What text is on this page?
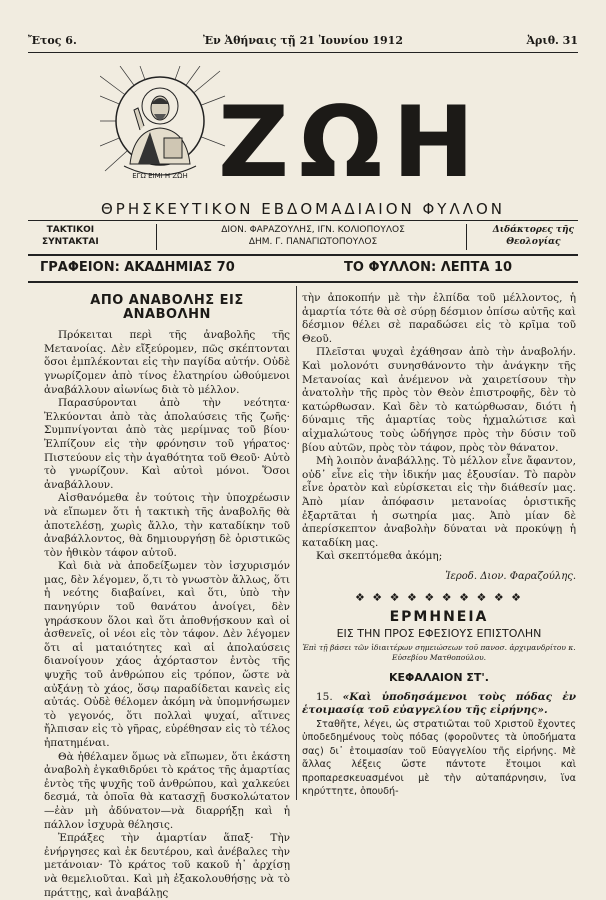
Ἔτος 6.	Ἐν Ἀθήναις τῇ 21 Ἰουνίου 1912	Ἀριθ. 31
ΕΓΩ ΕΙΜΙ Η ΖΩΗ ΖΩΗ
ΘΡΗΣΚΕΥΤΙΚΟΝ ΕΒΔΟΜΑΔΙΑΙΟΝ ΦΥΛΛΟΝ
ΤΑΚΤΙΚΟΙ
ΣΥΝΤΑΚΤΑΙ
ΔΙΟΝ. ΦΑΡΑΖΟΥΛΗΣ, ΙΓΝ. ΚΟΛΙΟΠΟΥΛΟΣ
ΔΗΜ. Γ. ΠΑΝΑΓΙΩΤΟΠΟΥΛΟΣ
Διδάκτορες τῆς
Θεολογίας
ΓΡΑΦΕΙΟΝ: ΑΚΑΔΗΜΙΑΣ 70	ΤΟ ΦΥΛΛΟΝ: ΛΕΠΤΑ 10
ΑΠΟ ΑΝΑΒΟΛΗΣ ΕΙΣ ΑΝΑΒΟΛΗΝ

Πρόκειται περὶ τῆς ἀναβολῆς τῆς Μετανοίας. Δὲν εἴξεύρομεν, πῶς σκέπτονται ὅσοι ἐμπλέκονται εἰς τὴν παγίδα αὐτήν. Οὐδὲ γνωρίζομεν ἀπὸ τίνος ἐλατηρίου ὠθούμενοι ἀναβάλλουν αἰωνίως διὰ τὸ μέλλον.

Παρασύρονται ἀπὸ τὴν νεότητα· Ἐλκύονται ἀπὸ τὰς ἀπολαύσεις τῆς ζωῆς· Συμπνίγονται ἀπὸ τὰς μερίμνας τοῦ βίου· Ἐλπίζουν εἰς τὴν φρόνησιν τοῦ γήρατος· Πιστεύουν εἰς τὴν ἀγαθότητα τοῦ Θεοῦ· Αὐτὸ τὸ γνωρίζουν. Καὶ αὐτοὶ μόνοι. Ὅσοι ἀναβάλλουν.

Αἰσθανόμεθα ἐν τούτοις τὴν ὑποχρέωσιν νὰ εἴπωμεν ὅτι ἡ τακτικὴ τῆς ἀναβολῆς θὰ ἀποτελέσῃ, χωρὶς ἄλλο, τὴν καταδίκην τοῦ ἀναβάλλοντος, θὰ δημιουργήσῃ δὲ ὁριστικῶς τὸν ἠθικὸν τάφον αὐτοῦ.

Καὶ διὰ νὰ ἀποδείξωμεν τὸν ἰσχυρισμόν μας, δὲν λέγομεν, ὅ,τι τὸ γνωστὸν ἄλλως, ὅτι ἡ νεότης διαβαίνει, καὶ ὅτι, ὑπὸ τὴν πανηγύριν τοῦ θανάτου ἀνοίγει, δὲν γηράσκουν ὅλοι καὶ ὅτι ἀποθνῄσκουν καὶ οἱ ἀσθενεῖς, οἱ νέοι εἰς τὸν τάφον. Δὲν λέγομεν ὅτι αἱ ματαιότητες καὶ αἱ ἀπολαύσεις διανοίγουν χάος ἀχόρταστον ἐντὸς τῆς ψυχῆς τοῦ ἀνθρώπου εἰς τρόπον, ὥστε νὰ αὐξάνῃ τὸ χάος, ὅσῳ παραδίδεται κανεὶς εἰς αὐτάς. Οὐδὲ θέλομεν ἀκόμη νὰ ὑπομνήσωμεν τὸ γεγονός, ὅτι πολλαὶ ψυχαί, αἵτινες ἤλπισαν εἰς τὸ γῆρας, εὑρέθησαν εἰς τὸ τέλος ἠπατημέναι.

Θὰ ἠθέλαμεν ὅμως νὰ εἴπωμεν, ὅτι ἑκάστη ἀναβολὴ ἐγκαθιδρύει τὸ κράτος τῆς ἁμαρτίας ἐντὸς τῆς ψυχῆς τοῦ ἀνθρώπου, καὶ χαλκεύει δεσμά, τὰ ὁποῖα θὰ κατασχῇ δυσκολώτατον—ἐὰν μὴ ἀδύνατον—νὰ διαρρήξῃ καὶ ἡ πάλλον ἰσχυρὰ θέλησις.

Ἐπράξες τὴν ἁμαρτίαν ἅπαξ· Τὴν ἐνήργησες καὶ ἐκ δευτέρου, καὶ ἀνέβαλες τὴν μετάνοιαν· Τὸ κράτος τοῦ κακοῦ ἠ᾿ ἀρχίσῃ νὰ θεμελιοῦται. Καὶ μὴ ἐξακολουθήσῃς νὰ τὸ πράττῃς, καὶ ἀναβάλῃς

τὴν ἀποκοπήν μὲ τὴν ἐλπίδα τοῦ μέλλοντος, ἡ ἁμαρτία τότε θὰ σὲ σύρῃ δέσμιον ὀπίσω αὐτῆς καὶ δέσμιον θέλει σὲ παραδώσει εἰς τὸ κρῖμα τοῦ Θεοῦ.

Πλεῖσται ψυχαὶ ἐχάθησαν ἀπὸ τὴν ἀναβολήν. Καὶ μολονότι συνησθάνοντο τὴν ἀνάγκην τῆς Μετανοίας καὶ ἀνέμενον νὰ χαιρετίσουν τὴν ἀνατολὴν τῆς πρὸς τὸν Θεὸν ἐπιστροφῆς, δὲν τὸ κατώρθωσαν. Καὶ δὲν τὸ κατώρθωσαν, διότι ἡ δύναμις τῆς ἁμαρτίας τοὺς ἠχμαλώτισε καὶ αἰχμαλώτους τοὺς ὡδήγησε πρὸς τὴν δύσιν τοῦ βίου αὐτῶν, πρὸς τὸν τάφον, πρὸς τὸν θάνατον.

Μὴ λοιπὸν ἀναβάλλῃς. Τὸ μέλλον εἶνε ἄφαντον, οὐδ᾿ εἶνε εἰς τὴν ἰδικήν μας ἐξουσίαν. Τὸ παρὸν εἶνε ὁρατὸν καὶ εὑρίσκεται εἰς τὴν διάθεσίν μας. Ἀπὸ μίαν ἀπόφασιν μετανοίας ὁριστικῆς ἐξαρτᾶται ἡ σωτηρία μας. Ἀπὸ μίαν δὲ ἀπερίσκεπτον ἀναβολὴν δύναται νὰ προκύψῃ ἡ καταδίκη μας.

Καὶ σκεπτόμεθα ἀκόμη;

Ἱεροδ. Διον. Φαραζούλης.

❖ ❖ ❖ ❖ ❖ ❖ ❖ ❖ ❖ ❖
ΕΡΜΗΝΕΙΑ
ΕΙΣ ΤΗΝ ΠΡΟΣ ΕΦΕΣΙΟΥΣ ΕΠΙΣΤΟΛΗΝ
Ἐπὶ τῇ βάσει τῶν ἰδιαιτέρων σημειώσεων τοῦ πανοσ. ἀρχιμανδρίτου κ. Εὐσεβίου Ματθοπούλου.
ΚΕΦΑΛΑΙΟΝ ΣΤ'.

15. «Καὶ ὑποδησάμενοι τοὺς πόδας ἐν ἑτοιμασίᾳ τοῦ εὐαγγελίου τῆς εἰρήνης».

Σταθῆτε, λέγει, ὡς στρατιῶται τοῦ Χριστοῦ ἔχοντες ὑποδεδημένους τοὺς πόδας (φοροῦντες τὰ ὑποδήματα σας) δι᾿ ἑτοιμασίαν τοῦ Εὐαγγελίου τῆς εἰρήνης. Μὲ ἄλλας λέξεις ὥστε πάντοτε ἕτοιμοι καὶ προπαρεσκευασμένοι μὲ τὴν αὐταπάρνησιν, ἵνα κηρύττητε, ὁπουδή-
